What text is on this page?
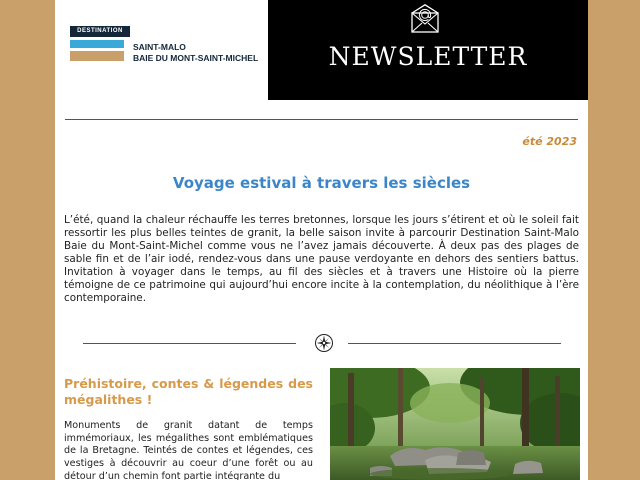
DESTINATION
SAINT-MALO
BAIE DU MONT-SAINT-MICHEL	NEWSLETTER
été 2023
Voyage estival à travers les siècles
L’été, quand la chaleur réchauffe les terres bretonnes, lorsque les jours s’étirent et où le soleil fait ressortir les plus belles teintes de granit, la belle saison invite à parcourir Destination Saint-Malo Baie du Mont-Saint-Michel comme vous ne l’avez jamais découverte. À deux pas des plages de sable fin et de l’air iodé, rendez-vous dans une pause verdoyante en dehors des sentiers battus. Invitation à voyager dans le temps, au fil des siècles et à travers une Histoire où la pierre témoigne de ce patrimoine qui aujourd’hui encore incite à la contemplation, du néolithique à l’ère contemporaine.
Préhistoire, contes & légendes des mégalithes !
Monuments de granit datant de temps immémoriaux, les mégalithes sont emblématiques de la Bretagne. Teintés de contes et légendes, ces vestiges à découvrir au coeur d’une forêt ou au détour d’un chemin font partie intégrante du
